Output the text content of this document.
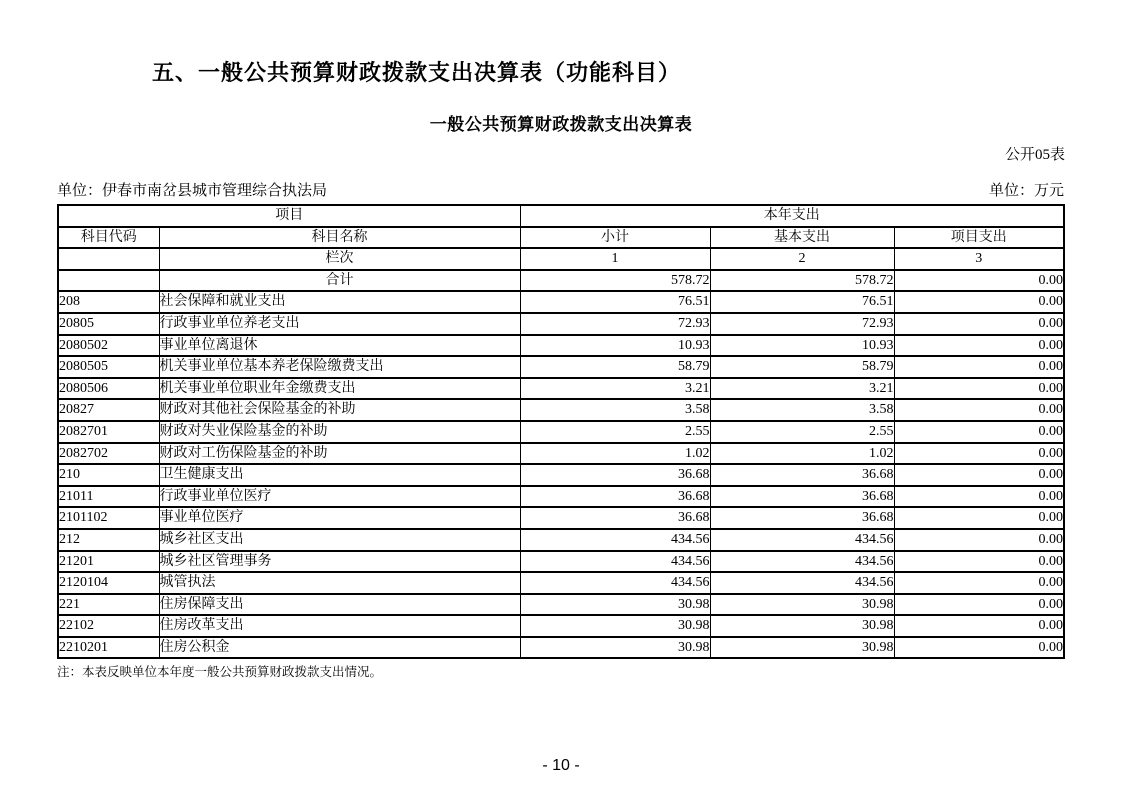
五、一般公共预算财政拨款支出决算表（功能科目）
一般公共预算财政拨款支出决算表
公开05表
单位：伊春市南岔县城市管理综合执法局	单位：万元
项目		本年支出		
科目代码	科目名称	小计	基本支出	项目支出
	栏次	1	2	3
	合计	578.72	578.72	0.00
208	社会保障和就业支出	76.51	76.51	0.00
20805	行政事业单位养老支出	72.93	72.93	0.00
2080502	事业单位离退休	10.93	10.93	0.00
2080505	机关事业单位基本养老保险缴费支出	58.79	58.79	0.00
2080506	机关事业单位职业年金缴费支出	3.21	3.21	0.00
20827	财政对其他社会保险基金的补助	3.58	3.58	0.00
2082701	财政对失业保险基金的补助	2.55	2.55	0.00
2082702	财政对工伤保险基金的补助	1.02	1.02	0.00
210	卫生健康支出	36.68	36.68	0.00
21011	行政事业单位医疗	36.68	36.68	0.00
2101102	事业单位医疗	36.68	36.68	0.00
212	城乡社区支出	434.56	434.56	0.00
21201	城乡社区管理事务	434.56	434.56	0.00
2120104	城管执法	434.56	434.56	0.00
221	住房保障支出	30.98	30.98	0.00
22102	住房改革支出	30.98	30.98	0.00
2210201	住房公积金	30.98	30.98	0.00
注：本表反映单位本年度一般公共预算财政拨款支出情况。
- 10 -
